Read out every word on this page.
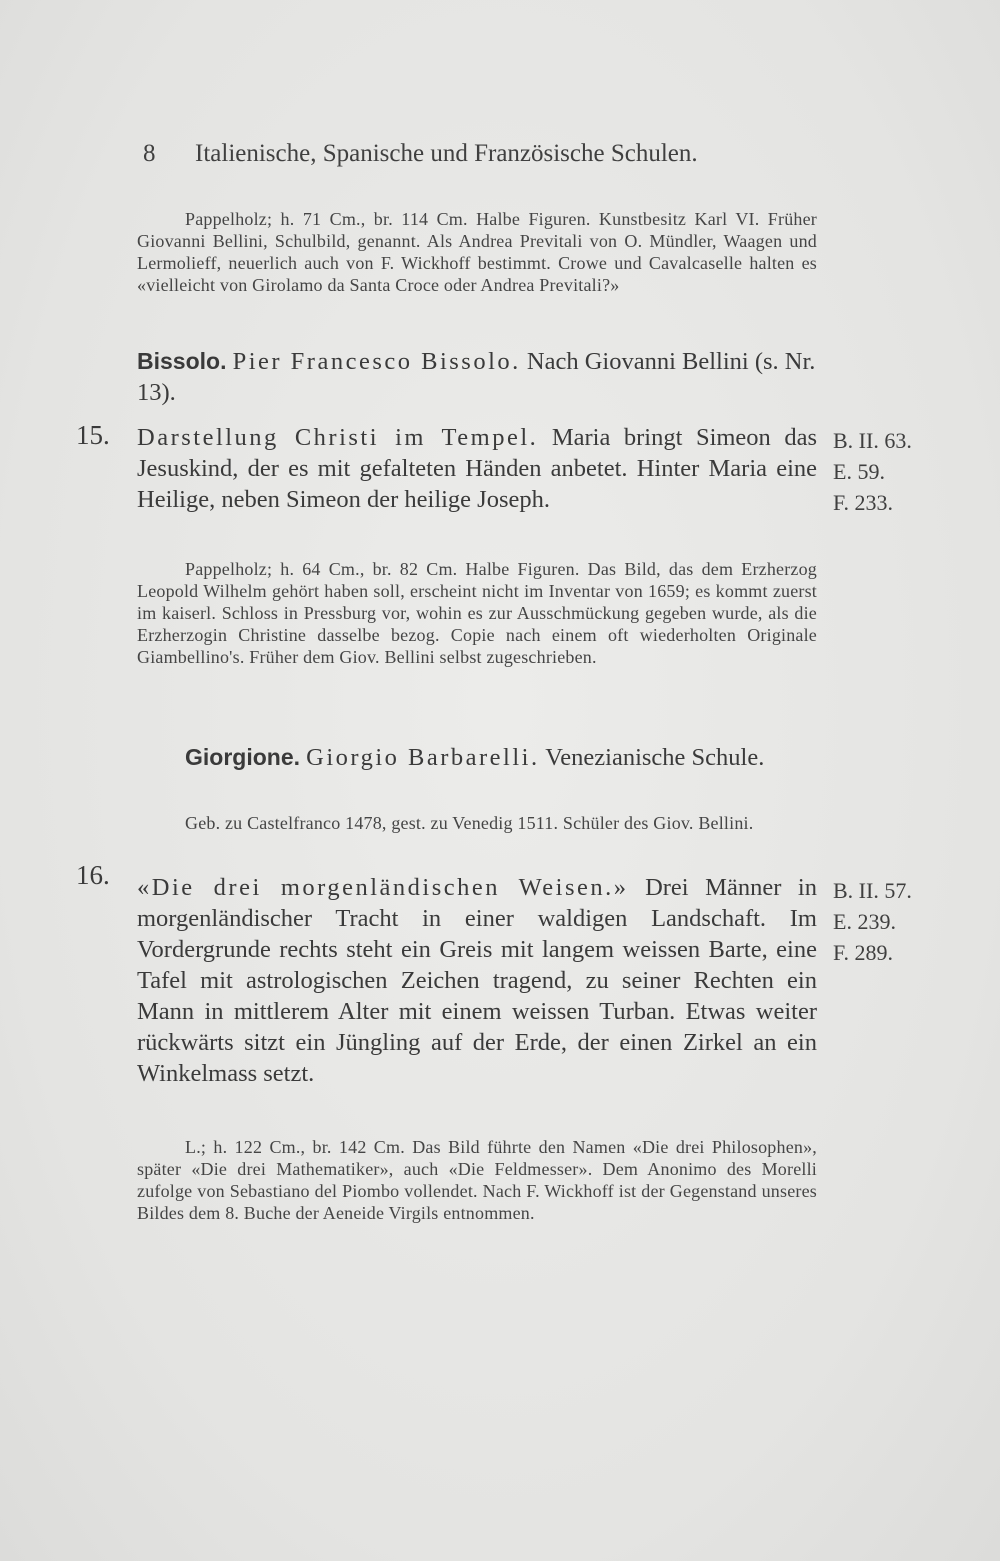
8 Italienische, Spanische und Französische Schulen.
Pappelholz; h. 71 Cm., br. 114 Cm. Halbe Figuren. Kunstbesitz Karl VI. Früher Giovanni Bellini, Schulbild, genannt. Als Andrea Previtali von O. Mündler, Waagen und Lermolieff, neuerlich auch von F. Wickhoff bestimmt. Crowe und Cavalcaselle halten es «vielleicht von Girolamo da Santa Croce oder Andrea Previtali?»
Bissolo. Pier Francesco Bissolo. Nach Giovanni Bellini (s. Nr. 13).
15. Darstellung Christi im Tempel. Maria bringt Simeon das Jesuskind, der es mit gefalteten Händen anbetet. Hinter Maria eine Heilige, neben Simeon der heilige Joseph.
B. II. 63.
E. 59.
F. 233.
Pappelholz; h. 64 Cm., br. 82 Cm. Halbe Figuren. Das Bild, das dem Erzherzog Leopold Wilhelm gehört haben soll, erscheint nicht im Inventar von 1659; es kommt zuerst im kaiserl. Schloss in Pressburg vor, wohin es zur Ausschmückung gegeben wurde, als die Erzherzogin Christine dasselbe bezog. Copie nach einem oft wiederholten Originale Giambellino's. Früher dem Giov. Bellini selbst zugeschrieben.
Giorgione. Giorgio Barbarelli. Venezianische Schule.
Geb. zu Castelfranco 1478, gest. zu Venedig 1511. Schüler des Giov. Bellini.
16. «Die drei morgenländischen Weisen.» Drei Männer in morgenländischer Tracht in einer waldigen Landschaft. Im Vordergrunde rechts steht ein Greis mit langem weissen Barte, eine Tafel mit astrologischen Zeichen tragend, zu seiner Rechten ein Mann in mittlerem Alter mit einem weissen Turban. Etwas weiter rückwärts sitzt ein Jüngling auf der Erde, der einen Zirkel an ein Winkelmass setzt.
B. II. 57.
E. 239.
F. 289.
L.; h. 122 Cm., br. 142 Cm. Das Bild führte den Namen «Die drei Philosophen», später «Die drei Mathematiker», auch «Die Feldmesser». Dem Anonimo des Morelli zufolge von Sebastiano del Piombo vollendet. Nach F. Wickhoff ist der Gegenstand unseres Bildes dem 8. Buche der Aeneide Virgils entnommen.
